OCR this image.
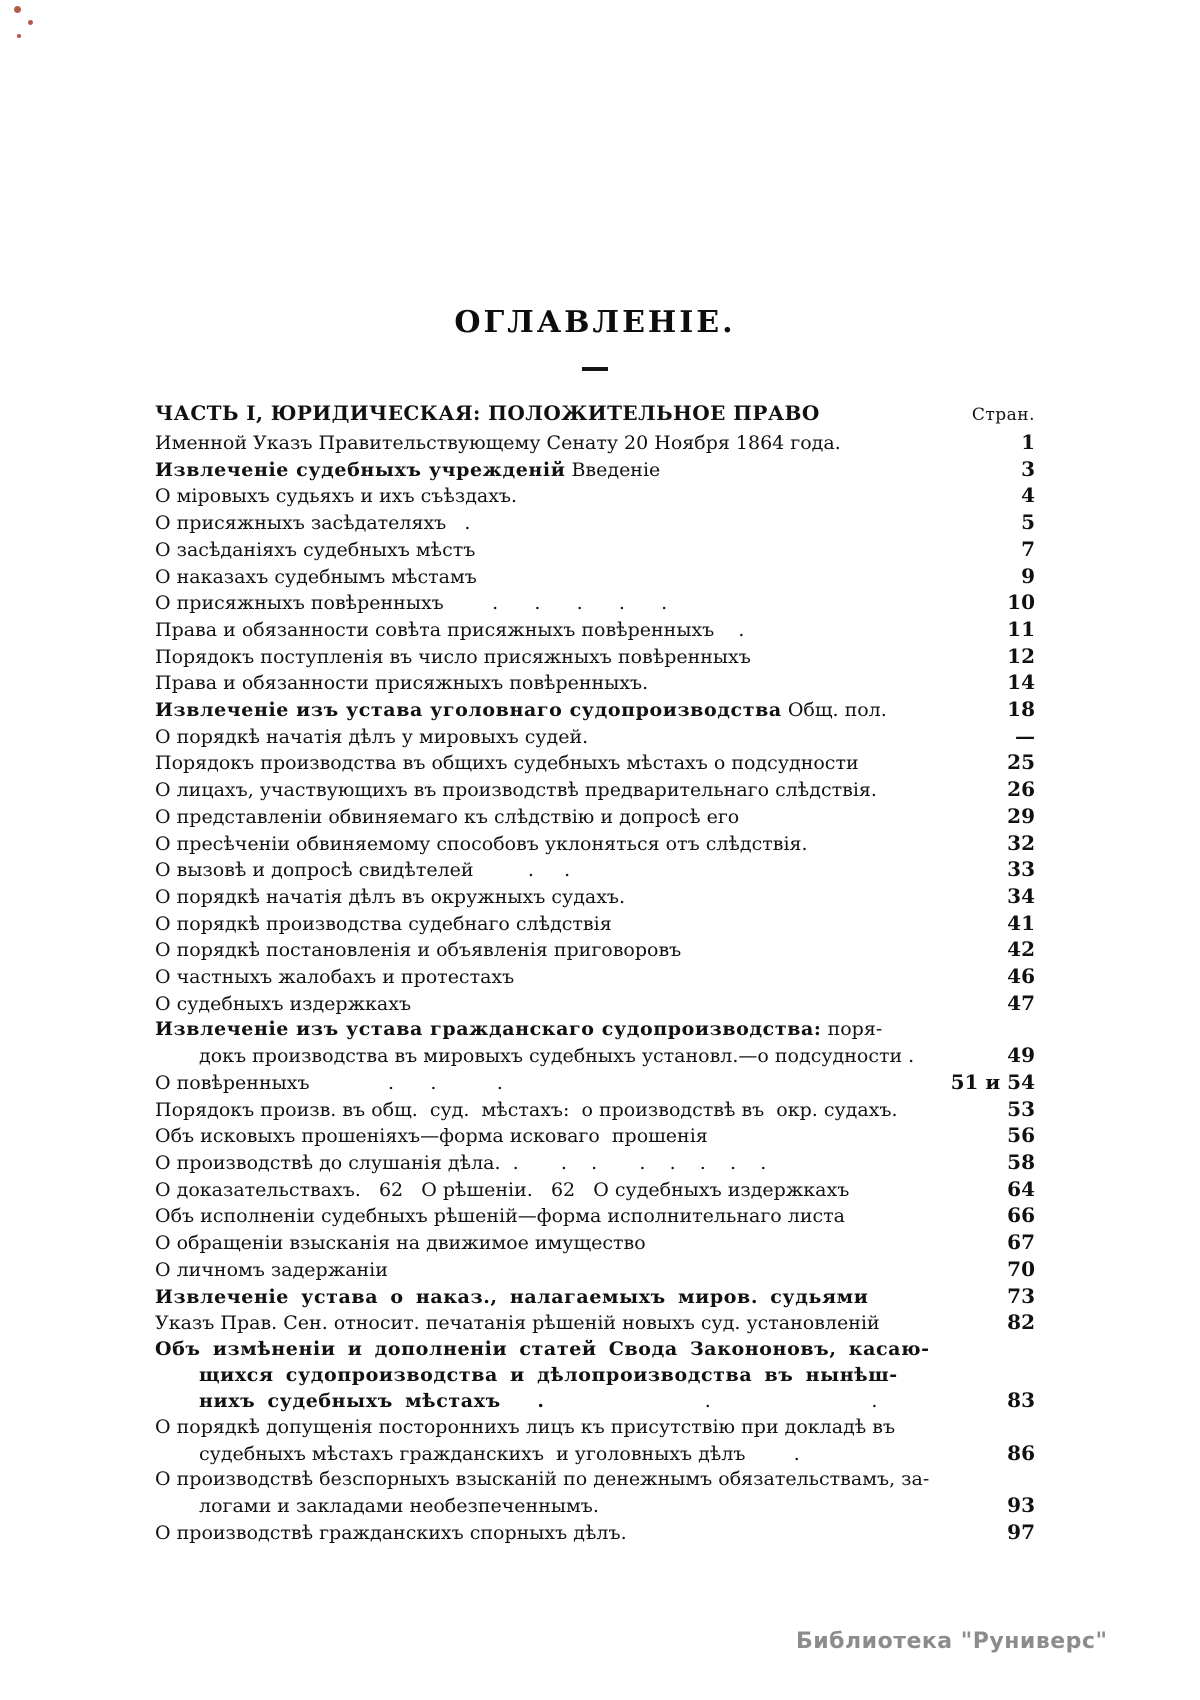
ОГЛАВЛЕНІЕ.
ЧАСТЬ I, ЮРИДИЧЕСКАЯ: ПОЛОЖИТЕЛЬНОЕ ПРАВО	Стран.
Именной Указъ Правительствующему Сенату 20 Ноября 1864 года.	1
Извлеченіе судебныхъ учрежденій Введеніе	3
О міровыхъ судьяхъ и ихъ съѣздахъ.	4
О присяжныхъ засѣдателяхъ   .	5
О засѣданіяхъ судебныхъ мѣстъ	7
О наказахъ судебнымъ мѣстамъ	9
О присяжныхъ повѣренныхъ        .      .      .      .      .	10
Права и обязанности совѣта присяжныхъ повѣренныхъ    .	11
Порядокъ поступленія въ число присяжныхъ повѣренныхъ	12
Права и обязанности присяжныхъ повѣренныхъ.	14
Извлеченіе изъ устава уголовнаго судопроизводства Общ. пол.	18
О порядкѣ начатія дѣлъ у мировыхъ судей.	—
Порядокъ производства въ общихъ судебныхъ мѣстахъ о подсудности	25
О лицахъ, участвующихъ въ производствѣ предварительнаго слѣдствія.	26
О представленіи обвиняемаго къ слѣдствію и допросѣ его	29
О пресѣченіи обвиняемому способовъ уклоняться отъ слѣдствія.	32
О вызовѣ и допросѣ свидѣтелей         .     .	33
О порядкѣ начатія дѣлъ въ окружныхъ судахъ.	34
О порядкѣ производства судебнаго слѣдствія	41
О порядкѣ постановленія и объявленія приговоровъ	42
О частныхъ жалобахъ и протестахъ	46
О судебныхъ издержкахъ	47
Извлеченіе изъ устава гражданскаго судопроизводства: поря-
докъ производства въ мировыхъ судебныхъ установл.—о подсудности .	49
О повѣренныхъ             .      .          .	51 и 54
Порядокъ произв. въ общ.  суд.  мѣстахъ:  о производствѣ въ  окр. судахъ.	53
Объ исковыхъ прошеніяхъ—форма исковаго  прошенія	56
О производствѣ до слушанія дѣла.  .       .    .       .    .    .    .    .	58
О доказательствахъ.   62   О рѣшеніи.   62   О судебныхъ издержкахъ	64
Объ исполненіи судебныхъ рѣшеній—форма исполнительнаго листа	66
О обращеніи взысканія на движимое имущество	67
О личномъ задержаніи	70
Извлеченіе устава о наказ., налагаемыхъ миров. судьями	73
Указъ Прав. Сен. относит. печатанія рѣшеній новыхъ суд. установленій	82
Объ измѣненіи и дополненіи статей Свода Закононовъ, касаю-
щихся судопроизводства и дѣлопроизводства въ нынѣш-
нихъ судебныхъ мѣстахъ   .              .              .	83
О порядкѣ допущенія постороннихъ лицъ къ присутствію при докладѣ въ
судебныхъ мѣстахъ гражданскихъ  и уголовныхъ дѣлъ        .	86
О производствѣ безспорныхъ взысканій по денежнымъ обязательствамъ, за-
логами и закладами необезпеченнымъ.	93
О производствѣ гражданскихъ спорныхъ дѣлъ.	97
Библиотека "Руниверс"
